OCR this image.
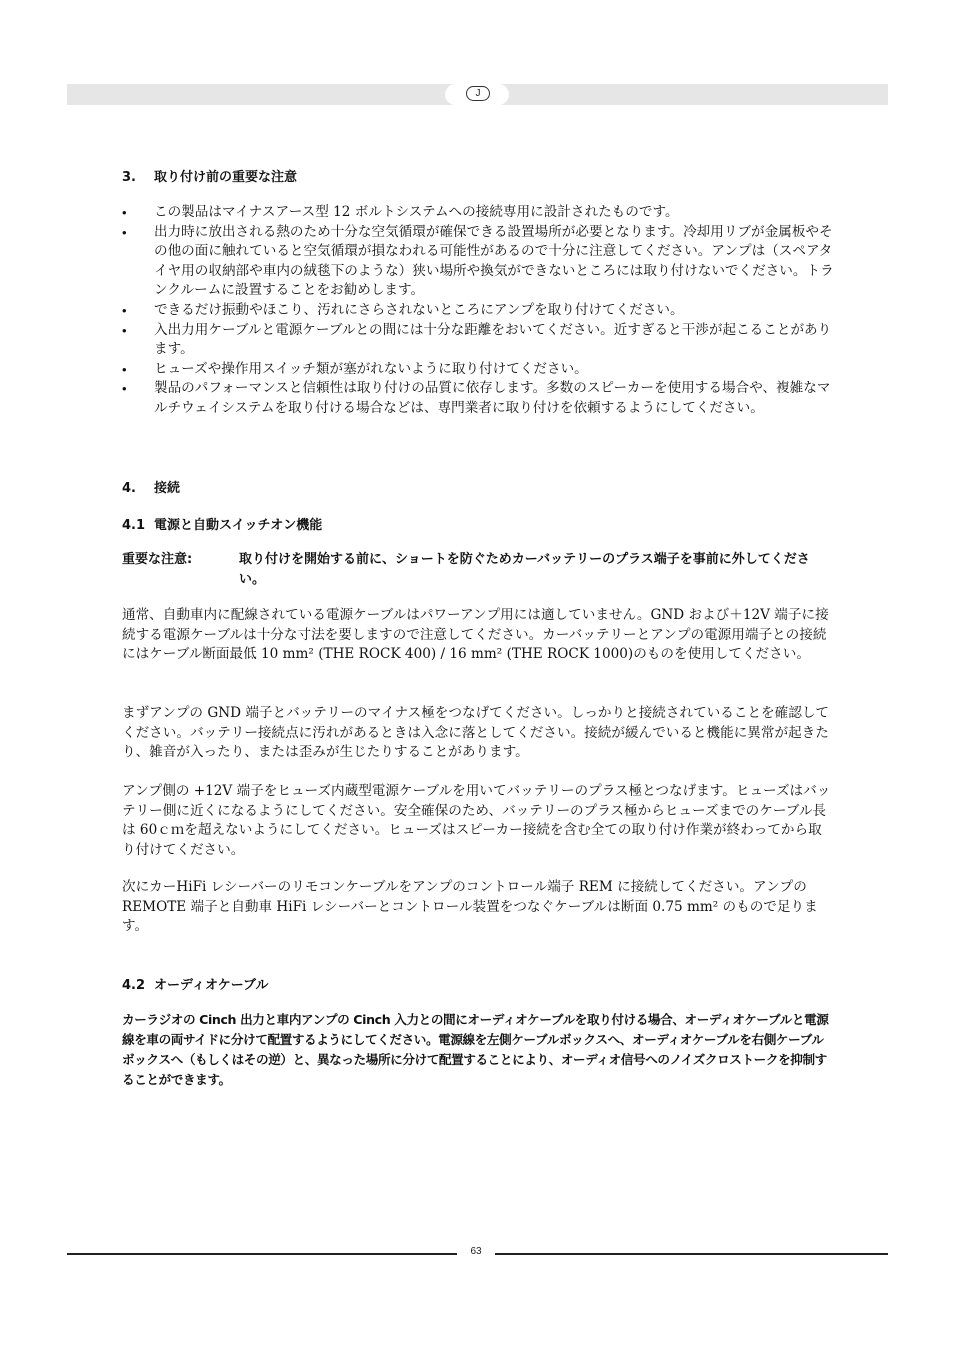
J
3. 取り付け前の重要な注意
• この製品はマイナスアース型 12 ボルトシステムへの接続専用に設計されたものです。
• 出力時に放出される熱のため十分な空気循環が確保できる設置場所が必要となります。冷却用リブが金属板やその他の面に触れていると空気循環が損なわれる可能性があるので十分に注意してください。アンプは（スペアタイヤ用の収納部や車内の絨毯下のような）狭い場所や換気ができないところには取り付けないでください。トランクルームに設置することをお勧めします。
• できるだけ振動やほこり、汚れにさらされないところにアンプを取り付けてください。
• 入出力用ケーブルと電源ケーブルとの間には十分な距離をおいてください。近すぎると干渉が起こることがあります。
• ヒューズや操作用スイッチ類が塞がれないように取り付けてください。
• 製品のパフォーマンスと信頼性は取り付けの品質に依存します。多数のスピーカーを使用する場合や、複雑なマルチウェイシステムを取り付ける場合などは、専門業者に取り付けを依頼するようにしてください。
4. 接続
4.1 電源と自動スイッチオン機能
重要な注意:	取り付けを開始する前に、ショートを防ぐためカーバッテリーのプラス端子を事前に外してください。
通常、自動車内に配線されている電源ケーブルはパワーアンプ用には適していません。GND および＋12V 端子に接続する電源ケーブルは十分な寸法を要しますので注意してください。カーバッテリーとアンプの電源用端子との接続にはケーブル断面最低 10 mm² (THE ROCK 400) / 16 mm² (THE ROCK 1000)のものを使用してください。
まずアンプの GND 端子とバッテリーのマイナス極をつなげてください。しっかりと接続されていることを確認してください。バッテリー接続点に汚れがあるときは入念に落としてください。接続が緩んでいると機能に異常が起きたり、雑音が入ったり、または歪みが生じたりすることがあります。
アンプ側の +12V 端子をヒューズ内蔵型電源ケーブルを用いてバッテリーのプラス極とつなげます。ヒューズはバッテリー側に近くになるようにしてください。安全確保のため、バッテリーのプラス極からヒューズまでのケーブル長は 60ｃｍを超えないようにしてください。ヒューズはスピーカー接続を含む全ての取り付け作業が終わってから取り付けてください。
次にカーHiFi レシーバーのリモコンケーブルをアンプのコントロール端子 REM に接続してください。アンプの REMOTE 端子と自動車 HiFi レシーバーとコントロール装置をつなぐケーブルは断面 0.75 mm² のもので足ります。
4.2 オーディオケーブル
カーラジオの Cinch 出力と車内アンプの Cinch 入力との間にオーディオケーブルを取り付ける場合、オーディオケーブルと電源線を車の両サイドに分けて配置するようにしてください。電源線を左側ケーブルボックスへ、オーディオケーブルを右側ケーブルボックスへ（もしくはその逆）と、異なった場所に分けて配置することにより、オーディオ信号へのノイズクロストークを抑制することができます。
63
